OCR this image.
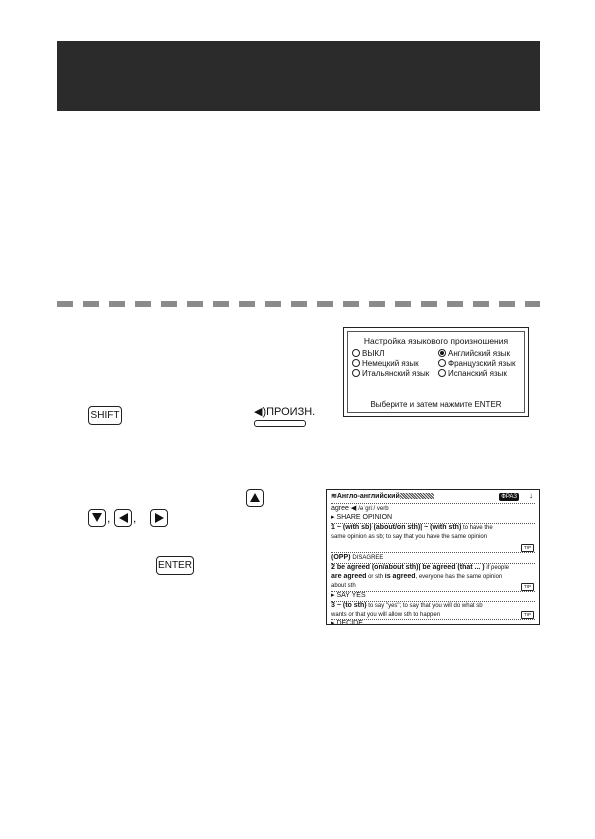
SHIFT	◀)ПРОИЗН.
Настройка языкового произношения
ВЫКЛ	Английский язык
Немецкий язык	Французский язык
Итальянский язык	Испанский язык
Выберите и затем нажмите ENTER
, ,
ENTER
≋Англо-английский	ФРАЗ ↓
agree ◀ /əˈɡriː/ verb
▸ SHARE OPINION
1 ~ (with sb) (about/on sth)| ~ (with sth) to have the
same opinion as sb; to say that you have the same opinion
TIP
(OPP) DISAGREE
2 be agreed (on/about sth)| be agreed (that ... ) if people
are agreed or sth is agreed, everyone has the same opinion
about sth	TIP
▸ SAY YES
3 ~ (to sth) to say "yes"; to say that you will do what sb
wants or that you will allow sth to happen	TIP
▸ DECIDE
